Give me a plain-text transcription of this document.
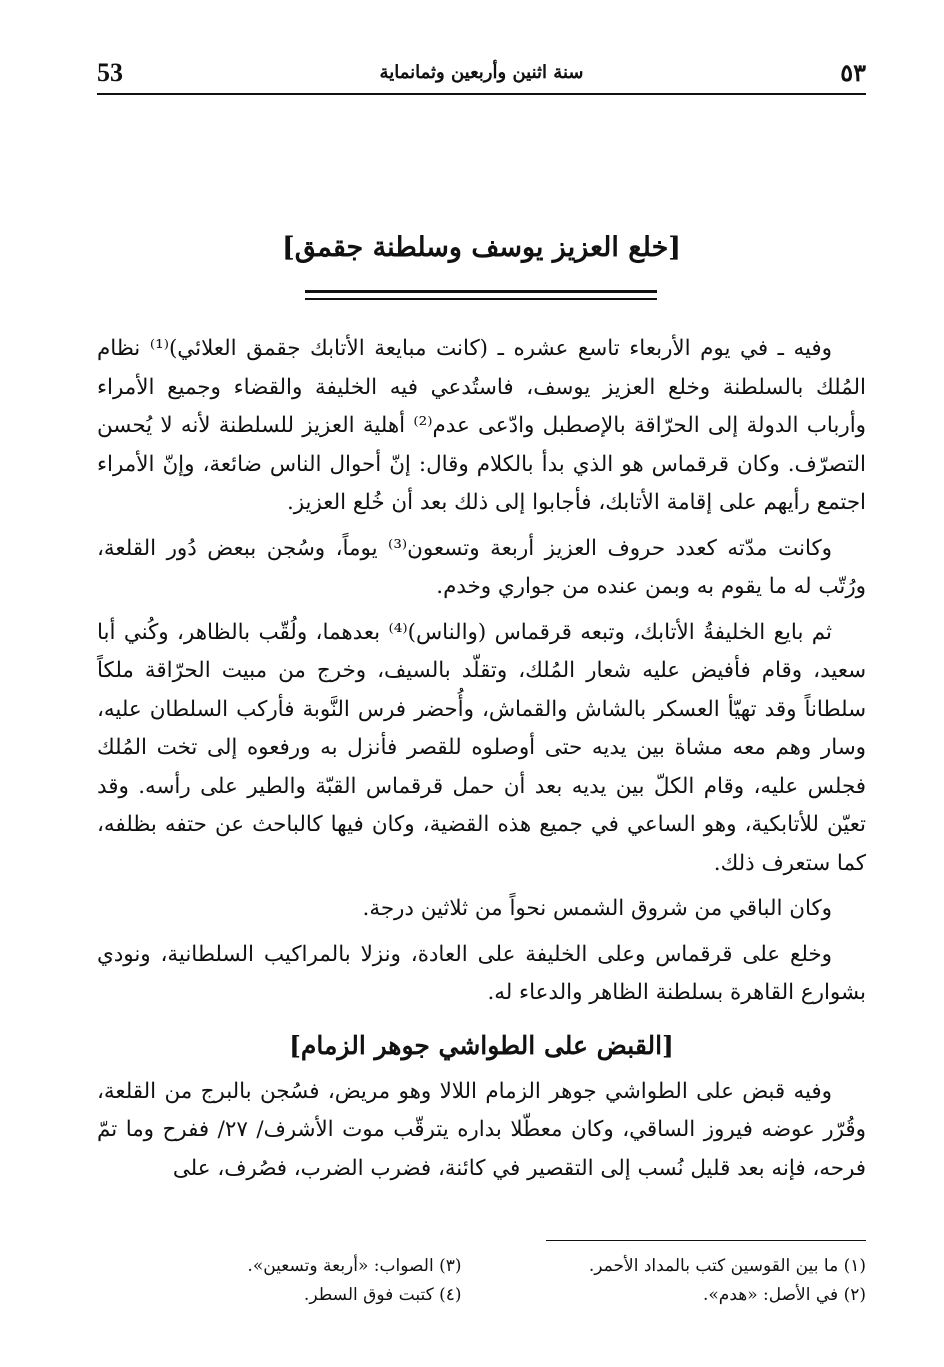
53	سنة اثنين وأربعين وثمانماية	٥٣
[خلع العزيز يوسف وسلطنة جقمق]

وفيه ـ في يوم الأربعاء تاسع عشره ـ (كانت مبايعة الأتابك جقمق العلائي)⁽¹⁾ نظام المُلك بالسلطنة وخلع العزيز يوسف، فاستُدعي فيه الخليفة والقضاء وجميع الأمراء وأرباب الدولة إلى الحرّاقة بالإصطبل وادّعى عدم⁽²⁾ أهلية العزيز للسلطنة لأنه لا يُحسن التصرّف. وكان قرقماس هو الذي بدأ بالكلام وقال: إنّ أحوال الناس ضائعة، وإنّ الأمراء اجتمع رأيهم على إقامة الأتابك، فأجابوا إلى ذلك بعد أن خُلع العزيز.

وكانت مدّته كعدد حروف العزيز أربعة وتسعون⁽³⁾ يوماً، وسُجن ببعض دُور القلعة، ورُتّب له ما يقوم به وبمن عنده من جواري وخدم.

ثم بايع الخليفةُ الأتابك، وتبعه قرقماس (والناس)⁽⁴⁾ بعدهما، ولُقّب بالظاهر، وكُني أبا سعيد، وقام فأفيض عليه شعار المُلك، وتقلّد بالسيف، وخرج من مبيت الحرّاقة ملكاً سلطاناً وقد تهيّأ العسكر بالشاش والقماش، وأُحضر فرس النَّوبة فأركب السلطان عليه، وسار وهم معه مشاة بين يديه حتى أوصلوه للقصر فأنزل به ورفعوه إلى تخت المُلك فجلس عليه، وقام الكلّ بين يديه بعد أن حمل قرقماس القبّة والطير على رأسه. وقد تعيّن للأتابكية، وهو الساعي في جميع هذه القضية، وكان فيها كالباحث عن حتفه بظلفه، كما ستعرف ذلك.

وكان الباقي من شروق الشمس نحواً من ثلاثين درجة.

وخلع على قرقماس وعلى الخليفة على العادة، ونزلا بالمراكيب السلطانية، ونودي بشوارع القاهرة بسلطنة الظاهر والدعاء له.

[القبض على الطواشي جوهر الزمام]

وفيه قبض على الطواشي جوهر الزمام اللالا وهو مريض، فسُجن بالبرج من القلعة، وقُرّر عوضه فيروز الساقي، وكان معطّلا بداره يترقّب موت الأشرف/ ٢٧/ ففرح وما تمّ فرحه، فإنه بعد قليل نُسب إلى التقصير في كائنة، فضرب الضرب، فصُرف، على

(١) ما بين القوسين كتب بالمداد الأحمر.
(٣) الصواب: «أربعة وتسعين».
(٢) في الأصل: «هدم».
(٤) كتبت فوق السطر.
